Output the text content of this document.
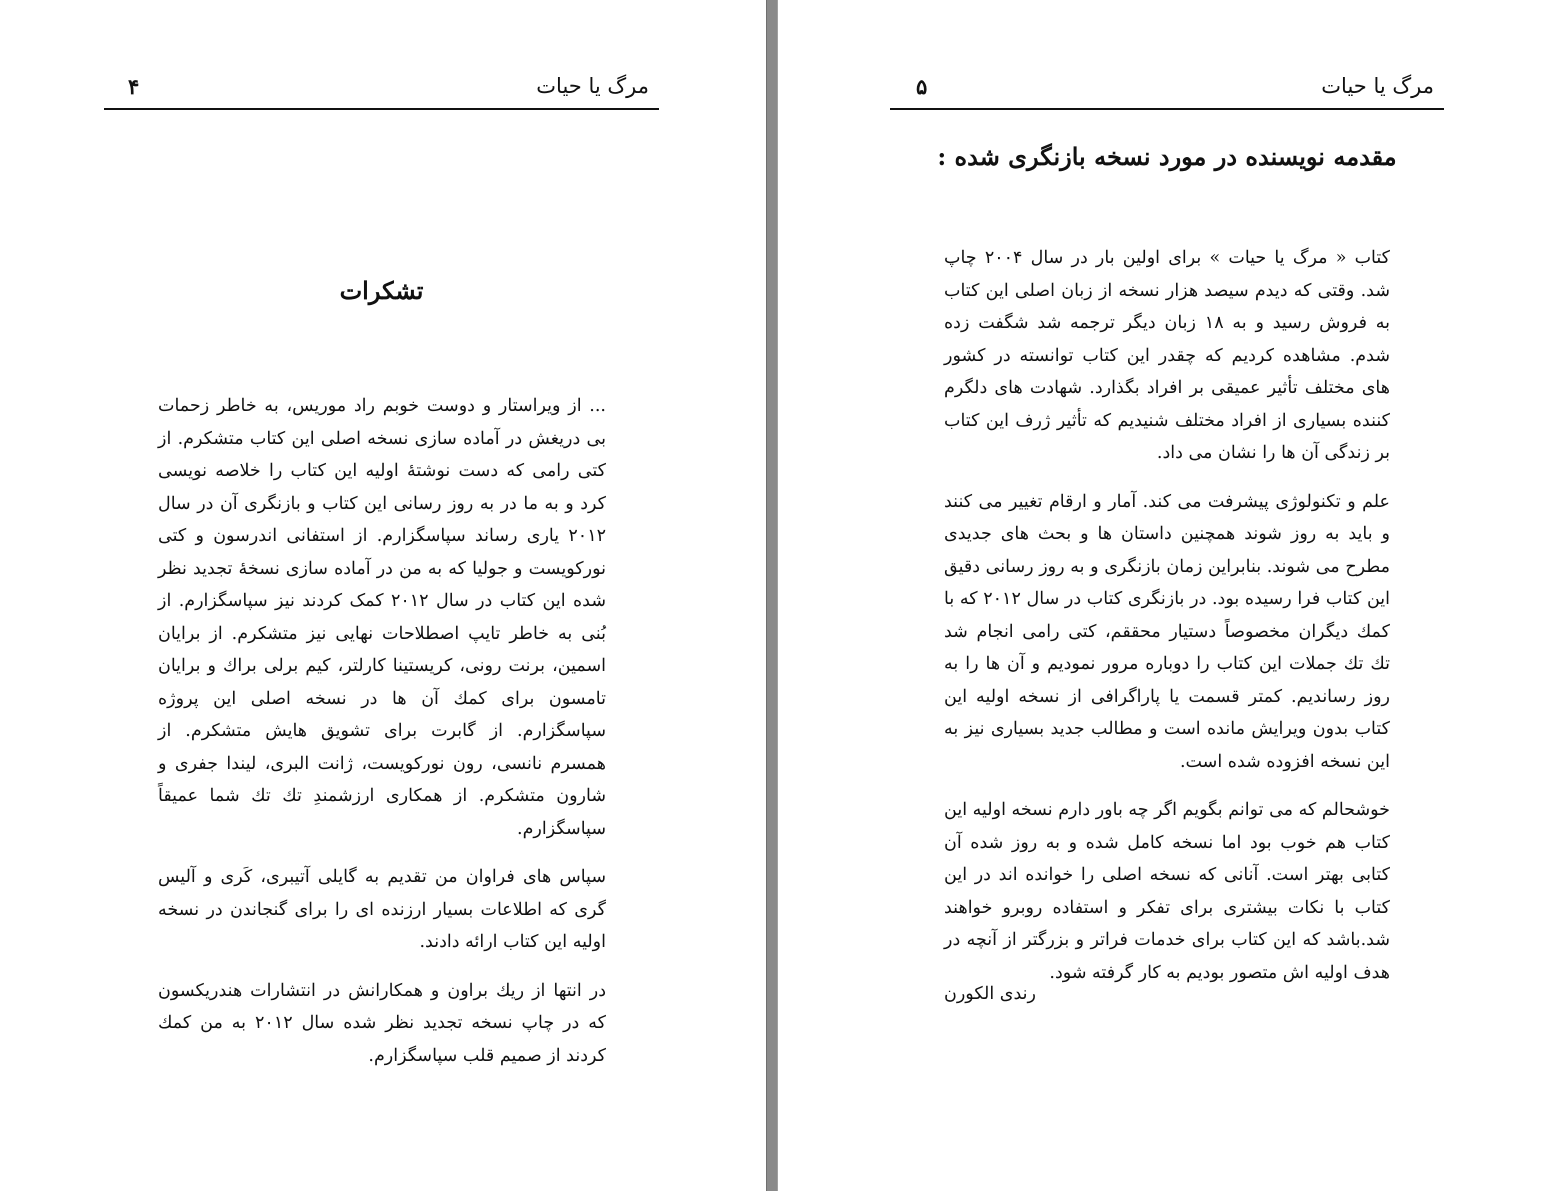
مرگ یا حیات
۴
تشکرات

... از ویراستار و دوست خوبم راد موریس، به خاطر زحمات بی دریغش در آماده سازی نسخه اصلی این کتاب متشکرم. از کتی رامی که دست نوشتهٔ اولیه این کتاب را خلاصه نویسی کرد و به ما در به روز رسانی این کتاب و بازنگری آن در سال ۲۰۱۲ یاری رساند سپاسگزارم. از استفانی اندرسون و کتی نورکویست و جولیا که به من در آماده سازی نسخهٔ تجدید نظر شده این کتاب در سال ۲۰۱۲ کمک کردند نیز سپاسگزارم. از بُنی به خاطر تایپ اصطلاحات نهایی نیز متشکرم. از برایان اسمین، برنت رونی، کریستینا کارلتر، کیم برلی براك و برایان تامسون برای کمك آن ها در نسخه اصلی این پروژه سپاسگزارم. از گابرت برای تشویق هایش متشکرم. از همسرم نانسی، رون نورکویست، ژانت البری، لیندا جفری و شارون متشکرم. از همکاری ارزشمندِ تك تك شما عمیقاً سپاسگزارم.

سپاس های فراوان من تقدیم به گایلی آتیبری، کَری و آلیس گری که اطلاعات بسیار ارزنده ای را برای گنجاندن در نسخه اولیه این کتاب ارائه دادند.

در انتها از ریك براون و همکارانش در انتشارات هندریکسون که در چاپ نسخه تجدید نظر شده سال ۲۰۱۲ به من کمك کردند از صمیم قلب سپاسگزارم.

مرگ یا حیات
۵
مقدمه نویسنده در مورد نسخه بازنگری شده :

کتاب « مرگ یا حیات » برای اولین بار در سال ۲۰۰۴ چاپ شد. وقتی که دیدم سیصد هزار نسخه از زبان اصلی این کتاب به فروش رسید و به ۱۸ زبان دیگر ترجمه شد شگفت زده شدم. مشاهده کردیم که چقدر این کتاب توانسته در کشور های مختلف تأثیر عمیقی بر افراد بگذارد. شهادت های دلگرم کننده بسیاری از افراد مختلف شنیدیم که تأثیر ژرف این کتاب بر زندگی آن ها را نشان می داد.

علم و تکنولوژی پیشرفت می کند. آمار و ارقام تغییر می کنند و باید به روز شوند همچنین داستان ها و بحث های جدیدی مطرح می شوند. بنابراین زمان بازنگری و به روز رسانی دقیق این کتاب فرا رسیده بود. در بازنگری کتاب در سال ۲۰۱۲ که با کمك دیگران مخصوصاً دستیار محققم، کتی رامی انجام شد تك تك جملات این کتاب را دوباره مرور نمودیم و آن ها را به روز رساندیم. کمتر قسمت یا پاراگرافی از نسخه اولیه این کتاب بدون ویرایش مانده است و مطالب جدید بسیاری نیز به این نسخه افزوده شده است.

خوشحالم که می توانم بگویم اگر چه باور دارم نسخه اولیه این کتاب هم خوب بود اما نسخه کامل شده و به روز شده آن کتابی بهتر است. آنانی که نسخه اصلی را خوانده اند در این کتاب با نکات بیشتری برای تفکر و استفاده روبرو خواهند شد.باشد که این کتاب برای خدمات فراتر و بزرگتر از آنچه در هدف اولیه اش متصور بودیم به کار گرفته شود.

رندی الکورن
